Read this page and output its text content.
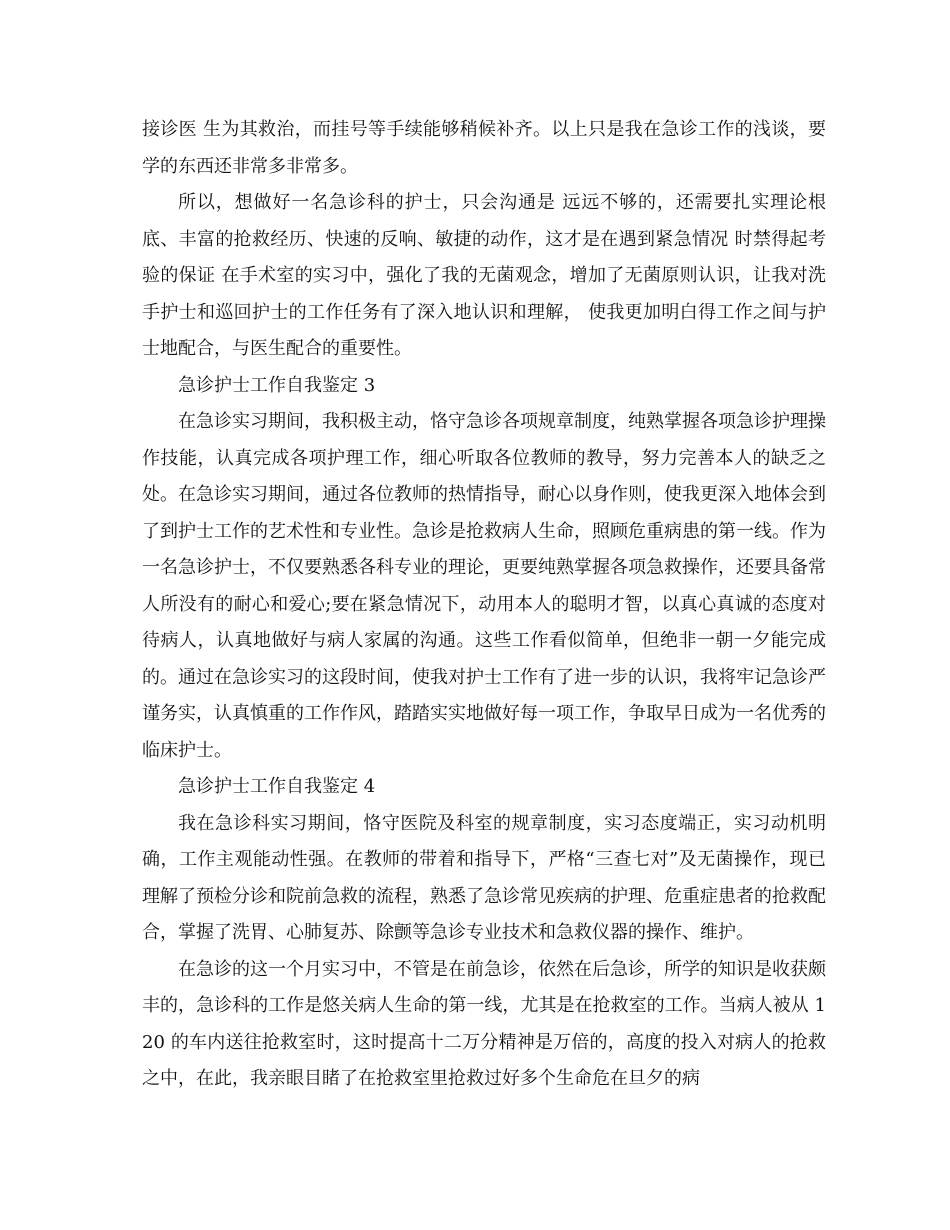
接诊医 生为其救治，而挂号等手续能够稍候补齐。以上只是我在急诊工作的浅谈，要学的东西还非常多非常多。

所以，想做好一名急诊科的护士，只会沟通是 远远不够的，还需要扎实理论根底、丰富的抢救经历、快速的反响、敏捷的动作，这才是在遇到紧急情况 时禁得起考验的保证 在手术室的实习中，强化了我的无菌观念，增加了无菌原则认识，让我对洗手护士和巡回护士的工作任务有了深入地认识和理解， 使我更加明白得工作之间与护士地配合，与医生配合的重要性。

急诊护士工作自我鉴定 3

在急诊实习期间，我积极主动，恪守急诊各项规章制度，纯熟掌握各项急诊护理操作技能，认真完成各项护理工作，细心听取各位教师的教导，努力完善本人的缺乏之处。在急诊实习期间，通过各位教师的热情指导，耐心以身作则，使我更深入地体会到了到护士工作的艺术性和专业性。急诊是抢救病人生命，照顾危重病患的第一线。作为一名急诊护士，不仅要熟悉各科专业的理论，更要纯熟掌握各项急救操作，还要具备常人所没有的耐心和爱心;要在紧急情况下，动用本人的聪明才智，以真心真诚的态度对待病人，认真地做好与病人家属的沟通。这些工作看似简单，但绝非一朝一夕能完成的。通过在急诊实习的这段时间，使我对护士工作有了进一步的认识，我将牢记急诊严谨务实，认真慎重的工作作风，踏踏实实地做好每一项工作，争取早日成为一名优秀的临床护士。

急诊护士工作自我鉴定 4

我在急诊科实习期间，恪守医院及科室的规章制度，实习态度端正，实习动机明确，工作主观能动性强。在教师的带着和指导下，严格“三查七对”及无菌操作，现已理解了预检分诊和院前急救的流程，熟悉了急诊常见疾病的护理、危重症患者的抢救配合，掌握了洗胃、心肺复苏、除颤等急诊专业技术和急救仪器的操作、维护。

在急诊的这一个月实习中，不管是在前急诊，依然在后急诊，所学的知识是收获颇丰的，急诊科的工作是悠关病人生命的第一线，尤其是在抢救室的工作。当病人被从 120 的车内送往抢救室时，这时提高十二万分精神是万倍的，高度的投入对病人的抢救之中，在此，我亲眼目睹了在抢救室里抢救过好多个生命危在旦夕的病
